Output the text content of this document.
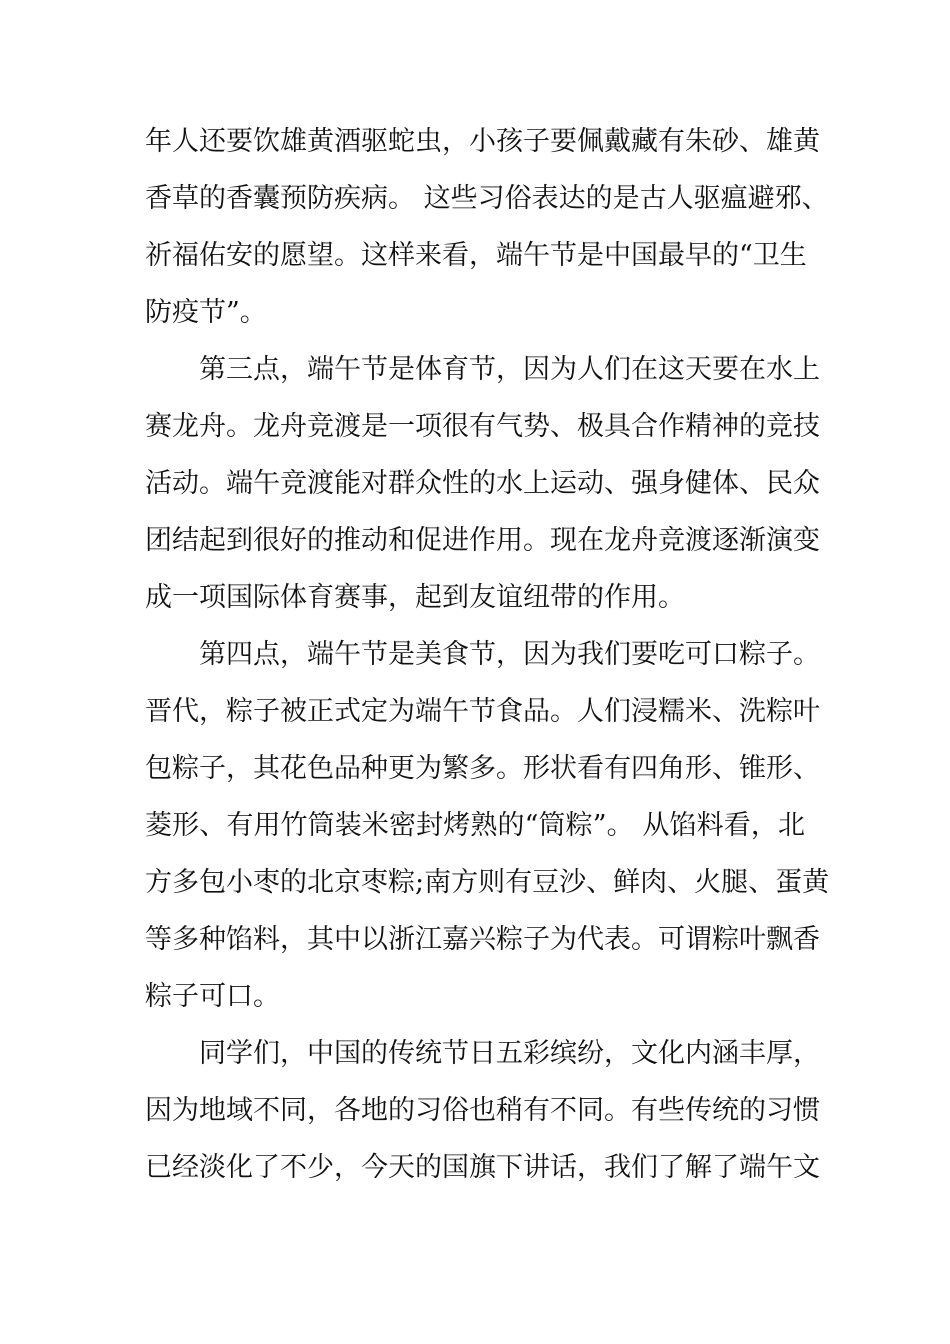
年人还要饮雄黄酒驱蛇虫，小孩子要佩戴藏有朱砂、雄黄
香草的香囊预防疾病。 这些习俗表达的是古人驱瘟避邪、
祈福佑安的愿望。这样来看，端午节是中国最早的“卫生
防疫节”。
　　第三点，端午节是体育节，因为人们在这天要在水上
赛龙舟。龙舟竞渡是一项很有气势、极具合作精神的竞技
活动。端午竞渡能对群众性的水上运动、强身健体、民众
团结起到很好的推动和促进作用。现在龙舟竞渡逐渐演变
成一项国际体育赛事，起到友谊纽带的作用。
　　第四点，端午节是美食节，因为我们要吃可口粽子。
晋代，粽子被正式定为端午节食品。人们浸糯米、洗粽叶
包粽子，其花色品种更为繁多。形状看有四角形、锥形、
菱形、有用竹筒装米密封烤熟的“筒粽”。 从馅料看，北
方多包小枣的北京枣粽;南方则有豆沙、鲜肉、火腿、蛋黄
等多种馅料，其中以浙江嘉兴粽子为代表。可谓粽叶飘香
粽子可口。
　　同学们，中国的传统节日五彩缤纷，文化内涵丰厚，
因为地域不同，各地的习俗也稍有不同。有些传统的习惯
已经淡化了不少，今天的国旗下讲话，我们了解了端午文
